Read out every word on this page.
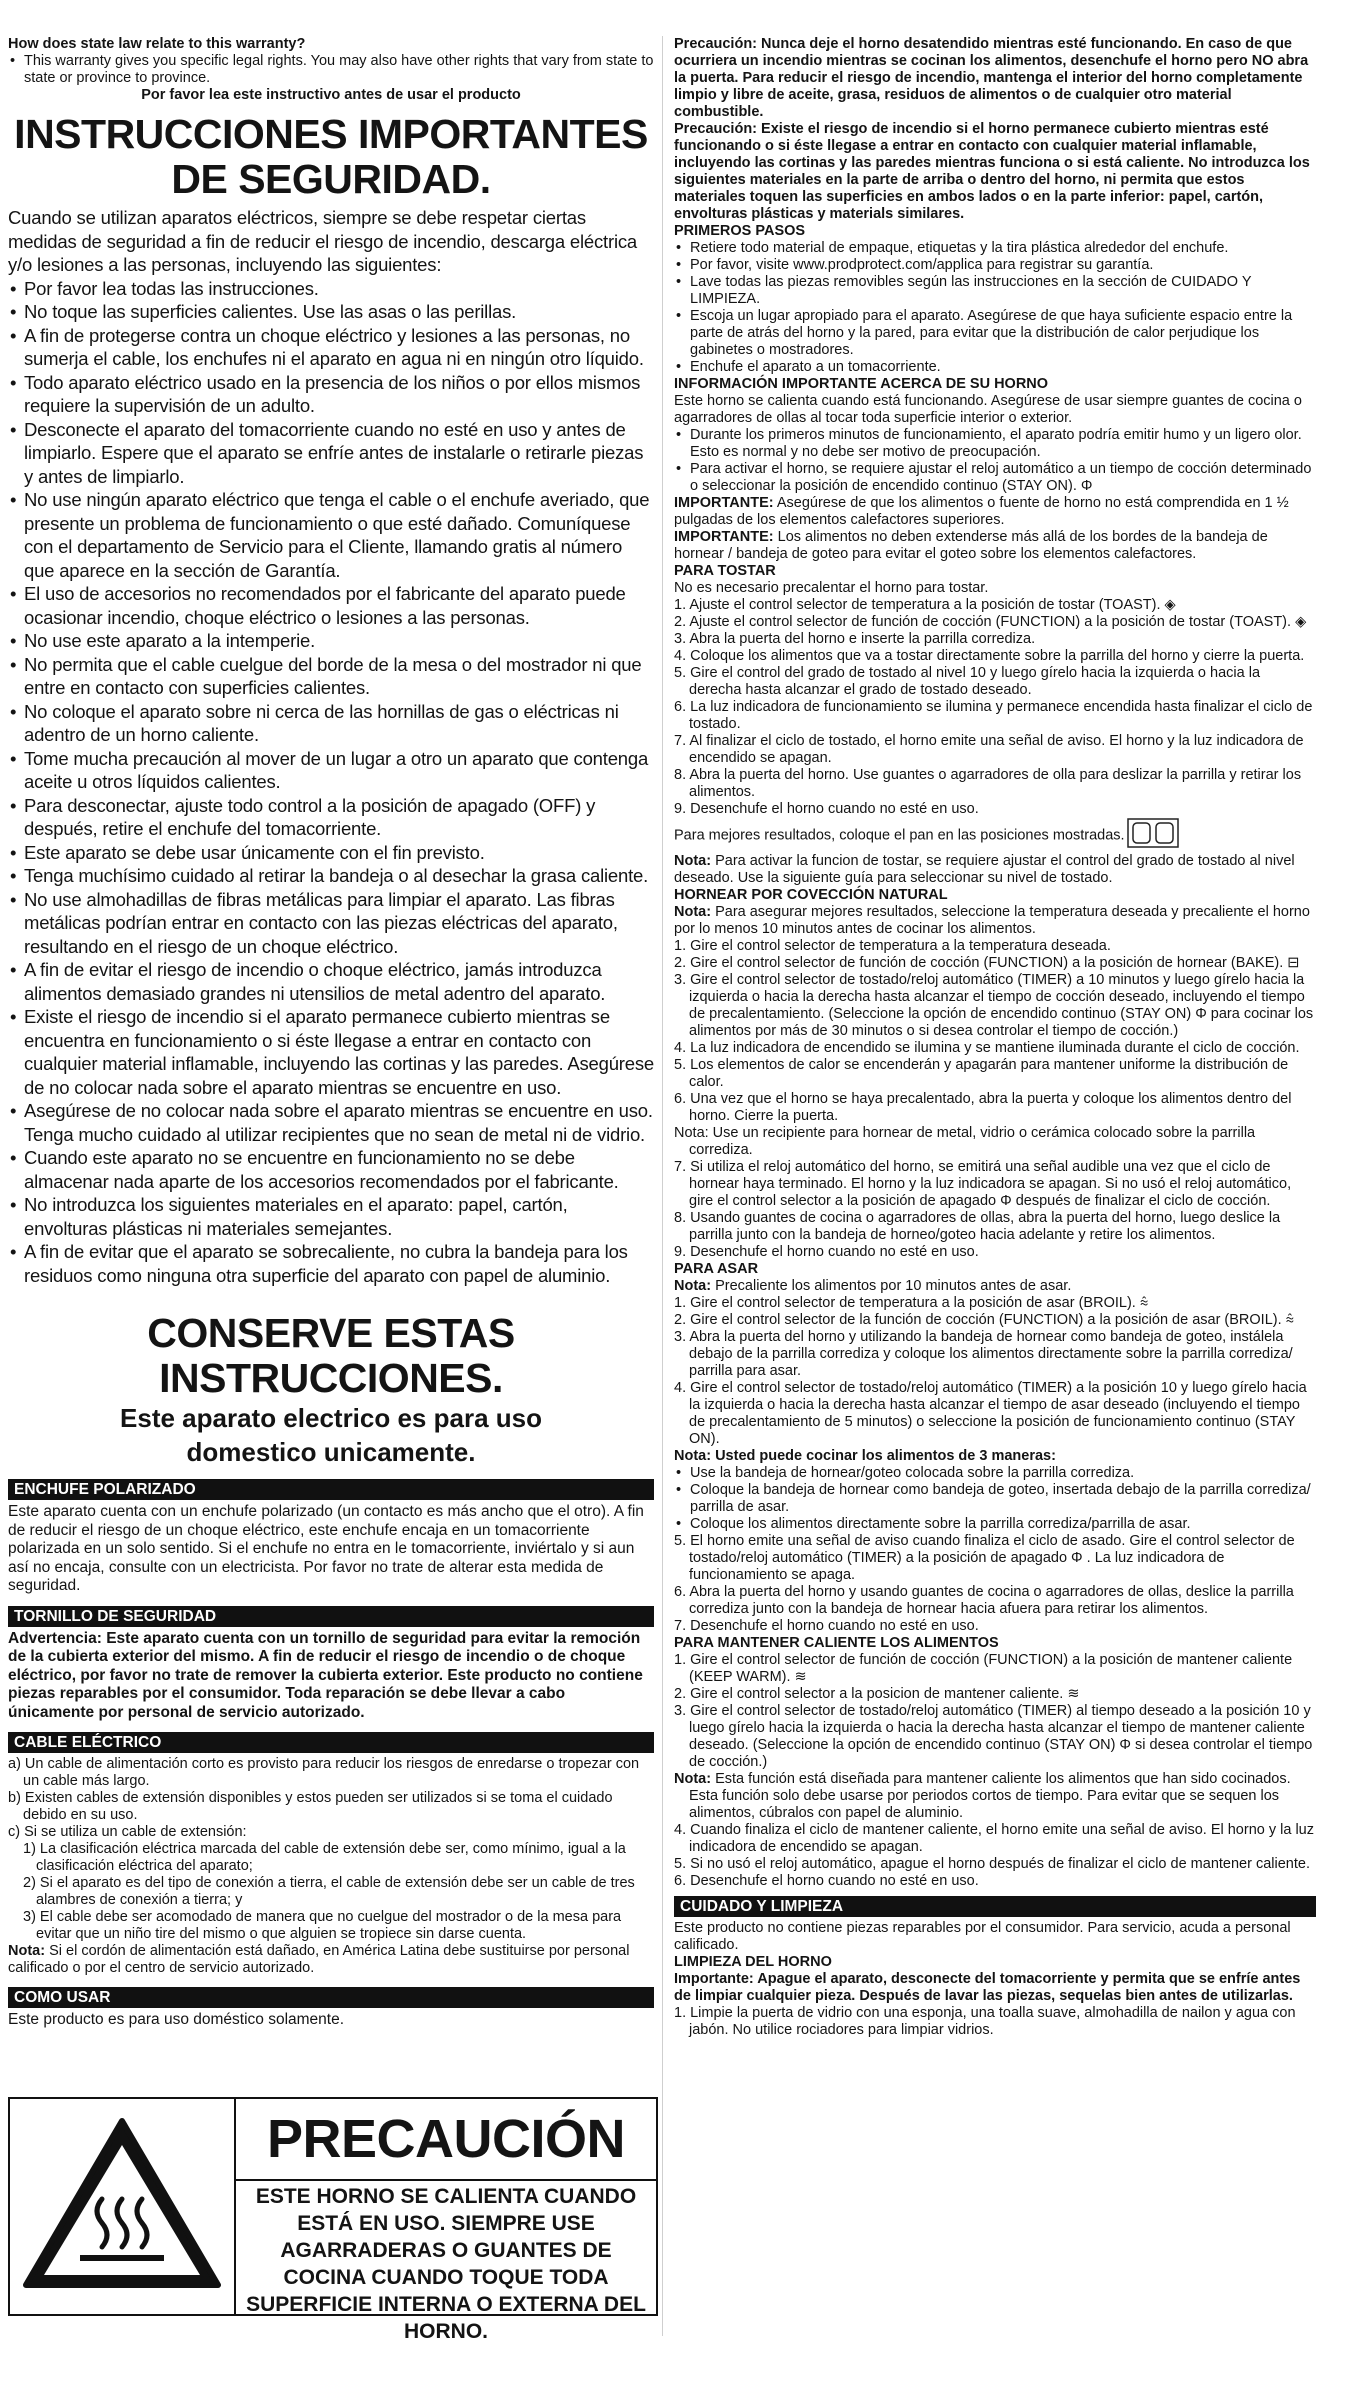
How does state law relate to this warranty?

• This warranty gives you specific legal rights. You may also have other rights that vary from state to state or province to province.

Por favor lea este instructivo antes de usar el producto

INSTRUCCIONES IMPORTANTES
DE SEGURIDAD.

Cuando se utilizan aparatos eléctricos, siempre se debe respetar ciertas medidas de seguridad a fin de reducir el riesgo de incendio, descarga eléctrica y/o lesiones a las personas, incluyendo las siguientes:

• Por favor lea todas las instrucciones.
• No toque las superficies calientes. Use las asas o las perillas.
• A fin de protegerse contra un choque eléctrico y lesiones a las personas, no sumerja el cable, los enchufes ni el aparato en agua ni en ningún otro líquido.
• Todo aparato eléctrico usado en la presencia de los niños o por ellos mismos requiere la supervisión de un adulto.
• Desconecte el aparato del tomacorriente cuando no esté en uso y antes de limpiarlo. Espere que el aparato se enfríe antes de instalarle o retirarle piezas y antes de limpiarlo.
• No use ningún aparato eléctrico que tenga el cable o el enchufe averiado, que presente un problema de funcionamiento o que esté dañado. Comuníquese con el departamento de Servicio para el Cliente, llamando gratis al número que aparece en la sección de Garantía.
• El uso de accesorios no recomendados por el fabricante del aparato puede ocasionar incendio, choque eléctrico o lesiones a las personas.
• No use este aparato a la intemperie.
• No permita que el cable cuelgue del borde de la mesa o del mostrador ni que entre en contacto con superficies calientes.
• No coloque el aparato sobre ni cerca de las hornillas de gas o eléctricas ni adentro de un horno caliente.
• Tome mucha precaución al mover de un lugar a otro un aparato que contenga aceite u otros líquidos calientes.
• Para desconectar, ajuste todo control a la posición de apagado (OFF) y después, retire el enchufe del tomacorriente.
• Este aparato se debe usar únicamente con el fin previsto.
• Tenga muchísimo cuidado al retirar la bandeja o al desechar la grasa caliente.
• No use almohadillas de fibras metálicas para limpiar el aparato. Las fibras metálicas podrían entrar en contacto con las piezas eléctricas del aparato, resultando en el riesgo de un choque eléctrico.
• A fin de evitar el riesgo de incendio o choque eléctrico, jamás introduzca alimentos demasiado grandes ni utensilios de metal adentro del aparato.
• Existe el riesgo de incendio si el aparato permanece cubierto mientras se encuentra en funcionamiento o si éste llegase a entrar en contacto con cualquier material inflamable, incluyendo las cortinas y las paredes. Asegúrese de no colocar nada sobre el aparato mientras se encuentre en uso.
• Asegúrese de no colocar nada sobre el aparato mientras se encuentre en uso. Tenga mucho cuidado al utilizar recipientes que no sean de metal ni de vidrio.
• Cuando este aparato no se encuentre en funcionamiento no se debe almacenar nada aparte de los accesorios recomendados por el fabricante.
• No introduzca los siguientes materiales en el aparato: papel, cartón, envolturas plásticas ni materiales semejantes.
• A fin de evitar que el aparato se sobrecaliente, no cubra la bandeja para los residuos como ninguna otra superficie del aparato con papel de aluminio.
CONSERVE ESTAS INSTRUCCIONES.
Este aparato electrico es para uso
domestico unicamente.
ENCHUFE POLARIZADO

Este aparato cuenta con un enchufe polarizado (un contacto es más ancho que el otro). A fin de reducir el riesgo de un choque eléctrico, este enchufe encaja en un tomacorriente polarizada en un solo sentido. Si el enchufe no entra en le tomacorriente, inviértalo y si aun así no encaja, consulte con un electricista. Por favor no trate de alterar esta medida de seguridad.

TORNILLO DE SEGURIDAD

Advertencia: Este aparato cuenta con un tornillo de seguridad para evitar la remoción de la cubierta exterior del mismo. A fin de reducir el riesgo de incendio o de choque eléctrico, por favor no trate de remover la cubierta exterior. Este producto no contiene piezas reparables por el consumidor. Toda reparación se debe llevar a cabo únicamente por personal de servicio autorizado.

CABLE ELÉCTRICO
a) Un cable de alimentación corto es provisto para reducir los riesgos de enredarse o tropezar con un cable más largo.
b) Existen cables de extensión disponibles y estos pueden ser utilizados si se toma el cuidado debido en su uso.
c) Si se utiliza un cable de extensión:
1) La clasificación eléctrica marcada del cable de extensión debe ser, como mínimo, igual a la clasificación eléctrica del aparato;
2) Si el aparato es del tipo de conexión a tierra, el cable de extensión debe ser un cable de tres alambres de conexión a tierra; y
3) El cable debe ser acomodado de manera que no cuelgue del mostrador o de la mesa para evitar que un niño tire del mismo o que alguien se tropiece sin darse cuenta.

Nota: Si el cordón de alimentación está dañado, en América Latina debe sustituirse por personal calificado o por el centro de servicio autorizado.

COMO USAR

Este producto es para uso doméstico solamente.

PRECAUCIÓN
ESTE HORNO SE CALIENTA CUANDO ESTÁ EN USO. SIEMPRE USE AGARRADERAS O GUANTES DE COCINA CUANDO TOQUE TODA SUPERFICIE INTERNA O EXTERNA DEL HORNO.

Precaución: Nunca deje el horno desatendido mientras esté funcionando. En caso de que ocurriera un incendio mientras se cocinan los alimentos, desenchufe el horno pero NO abra la puerta. Para reducir el riesgo de incendio, mantenga el interior del horno completamente limpio y libre de aceite, grasa, residuos de alimentos o de cualquier otro material combustible.

Precaución: Existe el riesgo de incendio si el horno permanece cubierto mientras esté funcionando o si éste llegase a entrar en contacto con cualquier material inflamable, incluyendo las cortinas y las paredes mientras funciona o si está caliente. No introduzca los siguientes materiales en la parte de arriba o dentro del horno, ni permita que estos materiales toquen las superficies en ambos lados o en la parte inferior: papel, cartón, envolturas plásticas y materials similares.

PRIMEROS PASOS

• Retiere todo material de empaque, etiquetas y la tira plástica alrededor del enchufe.
• Por favor, visite www.prodprotect.com/applica para registrar su garantía.
• Lave todas las piezas removibles según las instrucciones en la sección de CUIDADO Y LIMPIEZA.
• Escoja un lugar apropiado para el aparato. Asegúrese de que haya suficiente espacio entre la parte de atrás del horno y la pared, para evitar que la distribución de calor perjudique los gabinetes o mostradores.
• Enchufe el aparato a un tomacorriente.

INFORMACIÓN IMPORTANTE ACERCA DE SU HORNO

Este horno se calienta cuando está funcionando. Asegúrese de usar siempre guantes de cocina o agarradores de ollas al tocar toda superficie interior o exterior.

• Durante los primeros minutos de funcionamiento, el aparato podría emitir humo y un ligero olor. Esto es normal y no debe ser motivo de preocupación.
• Para activar el horno, se requiere ajustar el reloj automático a un tiempo de cocción determinado o seleccionar la posición de encendido continuo (STAY ON). Φ

IMPORTANTE: Asegúrese de que los alimentos o fuente de horno no está comprendida en 1 ½ pulgadas de los elementos calefactores superiores.

IMPORTANTE: Los alimentos no deben extenderse más allá de los bordes de la bandeja de hornear / bandeja de goteo para evitar el goteo sobre los elementos calefactores.

PARA TOSTAR

No es necesario precalentar el horno para tostar.

1. Ajuste el control selector de temperatura a la posición de tostar (TOAST). ◈
2. Ajuste el control selector de función de cocción (FUNCTION) a la posición de tostar (TOAST). ◈
3. Abra la puerta del horno e inserte la parrilla corrediza.
4. Coloque los alimentos que va a tostar directamente sobre la parrilla del horno y cierre la puerta.
5. Gire el control del grado de tostado al nivel 10 y luego gírelo hacia la izquierda o hacia la derecha hasta alcanzar el grado de tostado deseado.
6. La luz indicadora de funcionamiento se ilumina y permanece encendida hasta finalizar el ciclo de tostado.
7. Al finalizar el ciclo de tostado, el horno emite una señal de aviso. El horno y la luz indicadora de encendido se apagan.
8. Abra la puerta del horno. Use guantes o agarradores de olla para deslizar la parrilla y retirar los alimentos.
9. Desenchufe el horno cuando no esté en uso.

Para mejores resultados, coloque el pan en las posiciones mostradas.

Nota: Para activar la funcion de tostar, se requiere ajustar el control del grado de tostado al nivel deseado. Use la siguiente guía para seleccionar su nivel de tostado.

HORNEAR POR COVECCIÓN NATURAL

Nota: Para asegurar mejores resultados, seleccione la temperatura deseada y precaliente el horno por lo menos 10 minutos antes de cocinar los alimentos.

1. Gire el control selector de temperatura a la temperatura deseada.
2. Gire el control selector de función de cocción (FUNCTION) a la posición de hornear (BAKE). ⊟
3. Gire el control selector de tostado/reloj automático (TIMER) a 10 minutos y luego gírelo hacia la izquierda o hacia la derecha hasta alcanzar el tiempo de cocción deseado, incluyendo el tiempo de precalentamiento. (Seleccione la opción de encendido continuo (STAY ON) Φ para cocinar los alimentos por más de 30 minutos o si desea controlar el tiempo de cocción.)
4. La luz indicadora de encendido se ilumina y se mantiene iluminada durante el ciclo de cocción.
5. Los elementos de calor se encenderán y apagarán para mantener uniforme la distribución de calor.
6. Una vez que el horno se haya precalentado, abra la puerta y coloque los alimentos dentro del horno. Cierre la puerta.

Nota: Use un recipiente para hornear de metal, vidrio o cerámica colocado sobre la parrilla corrediza.

7. Si utiliza el reloj automático del horno, se emitirá una señal audible una vez que el ciclo de hornear haya terminado. El horno y la luz indicadora se apagan. Si no usó el reloj automático, gire el control selector a la posición de apagado Φ después de finalizar el ciclo de cocción.
8. Usando guantes de cocina o agarradores de ollas, abra la puerta del horno, luego deslice la parrilla junto con la bandeja de horneo/goteo hacia adelante y retire los alimentos.
9. Desenchufe el horno cuando no esté en uso.

PARA ASAR

Nota: Precaliente los alimentos por 10 minutos antes de asar.

1. Gire el control selector de temperatura a la posición de asar (BROIL). ⩯
2. Gire el control selector de la función de cocción (FUNCTION) a la posición de asar (BROIL). ⩯
3. Abra la puerta del horno y utilizando la bandeja de hornear como bandeja de goteo, instálela debajo de la parrilla corrediza y coloque los alimentos directamente sobre la parrilla corrediza/ parrilla para asar.
4. Gire el control selector de tostado/reloj automático (TIMER) a la posición 10 y luego gírelo hacia la izquierda o hacia la derecha hasta alcanzar el tiempo de asar deseado (incluyendo el tiempo de precalentamiento de 5 minutos) o seleccione la posición de funcionamiento continuo (STAY ON).

Nota: Usted puede cocinar los alimentos de 3 maneras:

• Use la bandeja de hornear/goteo colocada sobre la parrilla corrediza.
• Coloque la bandeja de hornear como bandeja de goteo, insertada debajo de la parrilla corrediza/ parrilla de asar.
• Coloque los alimentos directamente sobre la parrilla corrediza/parrilla de asar.
5. El horno emite una señal de aviso cuando finaliza el ciclo de asado. Gire el control selector de tostado/reloj automático (TIMER) a la posición de apagado Φ . La luz indicadora de funcionamiento se apaga.
6. Abra la puerta del horno y usando guantes de cocina o agarradores de ollas, deslice la parrilla corrediza junto con la bandeja de hornear hacia afuera para retirar los alimentos.
7. Desenchufe el horno cuando no esté en uso.

PARA MANTENER CALIENTE LOS ALIMENTOS

1. Gire el control selector de función de cocción (FUNCTION) a la posición de mantener caliente (KEEP WARM). ≋
2. Gire el control selector a la posicion de mantener caliente. ≋
3. Gire el control selector de tostado/reloj automático (TIMER) al tiempo deseado a la posición 10 y luego gírelo hacia la izquierda o hacia la derecha hasta alcanzar el tiempo de mantener caliente deseado. (Seleccione la opción de encendido continuo (STAY ON) Φ si desea controlar el tiempo de cocción.)

Nota: Esta función está diseñada para mantener caliente los alimentos que han sido cocinados. Esta función solo debe usarse por periodos cortos de tiempo. Para evitar que se sequen los alimentos, cúbralos con papel de aluminio.

4. Cuando finaliza el ciclo de mantener caliente, el horno emite una señal de aviso. El horno y la luz indicadora de encendido se apagan.
5. Si no usó el reloj automático, apague el horno después de finalizar el ciclo de mantener caliente.
6. Desenchufe el horno cuando no esté en uso.
CUIDADO Y LIMPIEZA

Este producto no contiene piezas reparables por el consumidor. Para servicio, acuda a personal calificado.

LIMPIEZA DEL HORNO

Importante: Apague el aparato, desconecte del tomacorriente y permita que se enfríe antes de limpiar cualquier pieza. Después de lavar las piezas, sequelas bien antes de utilizarlas.

1. Limpie la puerta de vidrio con una esponja, una toalla suave, almohadilla de nailon y agua con jabón. No utilice rociadores para limpiar vidrios.
